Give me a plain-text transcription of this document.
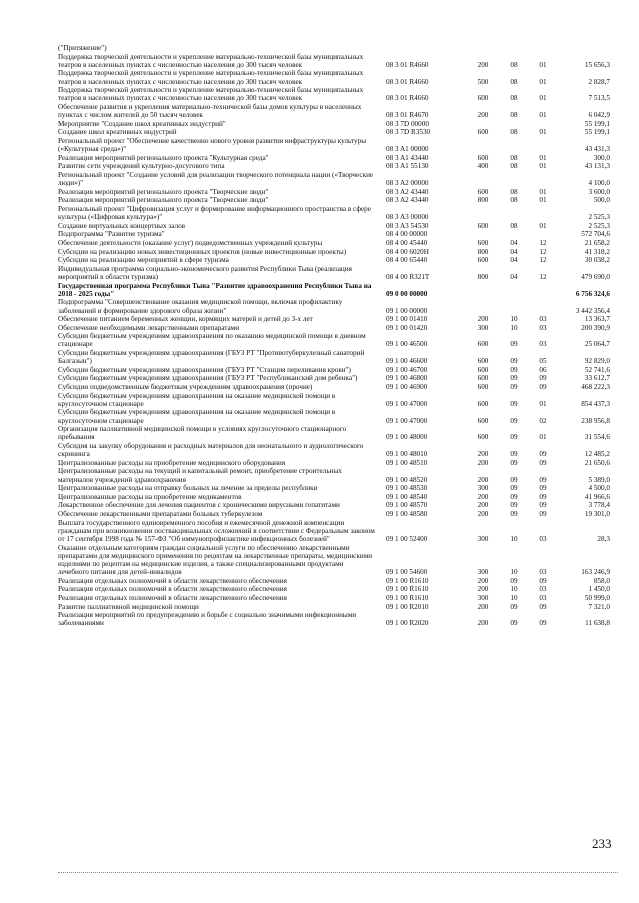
("Притяжение")
Поддержка творческой деятельности и укрепление материально-технической базы муниципальных театров в населенных пунктах с численностью населения до 300 тысяч человек	08 3 01 R4660	200	08	01	15 656,3
Поддержка творческой деятельности и укрепление материально-технической базы муниципальных театров в населенных пунктах с численностью населения до 300 тысяч человек	08 3 01 R4660	500	08	01	2 828,7
Поддержка творческой деятельности и укрепление материально-технической базы муниципальных театров в населенных пунктах с численностью населения до 300 тысяч человек	08 3 01 R4660	600	08	01	7 513,5
Обеспечение развития и укрепления материально-технической базы домов культуры в населенных пунктах с числом жителей до 50 тысяч человек	08 3 01 R4670	200	08	01	6 042,9
Мероприятие "Создание школ креативных индустрий"	08 3 7D 00000	55 199,1
Создание школ креативных индустрий	08 3 7D R3530	600	08	01	55 199,1
Региональный проект "Обеспечение качественно нового уровня развития инфраструктуры культуры («Культурная среда»)"	08 3 A1 00000	43 431,3
Реализация мероприятий регионального проекта "Культурная среда"	08 3 A1 43440	600	08	01	300,0
Развитие сети учреждений культурно-досугового типа	08 3 A1 55130	400	08	01	43 131,3
Региональный проект "Создание условий для реализации творческого потенциала нации («Творческие люди»)"	08 3 A2 00000	4 100,0
Реализация мероприятий регионального проекта "Творческие люди"	08 3 A2 43440	600	08	01	3 600,0
Реализация мероприятий регионального проекта "Творческие люди"	08 3 A2 43440	800	08	01	500,0
Региональный проект "Цифровизация услуг и формирование информационного пространства в сфере культуры («Цифровая культура»)"	08 3 A3 00000	2 525,3
Создание виртуальных концертных залов	08 3 A3 54530	600	08	01	2 525,3
Подпрограмма "Развитие туризма"	08 4 00 00000	572 704,6
Обеспечение деятельности (оказание услуг) подведомственных учреждений культуры	08 4 00 45440	600	04	12	21 658,2
Субсидии на реализацию новых инвестиционных проектов (новые инвестиционные проекты)	08 4 00 6020H	800	04	12	41 318,2
Субсидии на реализацию мероприятий в сфере туризма	08 4 00 65440	600	04	12	30 038,2
Индивидуальная программа социально-экономического развития Республики Тыва (реализация мероприятий в области туризма)	08 4 00 R321T	800	04	12	479 690,0
Государственная программа Республики Тыва "Развитие здравоохранения Республики Тыва на 2018 - 2025 годы"	09 0 00 00000	6 756 324,6
Подпрограмма "Совершенствование оказания медицинской помощи, включая профилактику заболеваний и формирование здорового образа жизни"	09 1 00 00000	3 442 356,4
Обеспечение питанием беременных женщин, кормящих матерей и детей до 3-х лет	09 1 00 01410	200	10	03	13 363,7
Обеспечение необходимыми лекарственными препаратами	09 1 00 01420	300	10	03	200 390,9
Субсидии бюджетным учреждениям здравоохранения по оказанию медицинской помощи в дневном стационаре	09 1 00 46500	600	09	03	25 064,7
Субсидии бюджетным учреждениям здравоохранения (ГБУЗ РТ "Противотуберкулезный санаторий Балгазын")	09 1 00 46600	600	09	05	92 829,0
Субсидии бюджетным учреждениям здравоохранения (ГБУЗ РТ "Станция переливания крови")	09 1 00 46700	600	09	06	52 741,6
Субсидии бюджетным учреждениям здравоохранения (ГБУЗ РТ "Республиканский дом ребенка")	09 1 00 46800	600	09	09	33 612,7
Субсидии подведомственным бюджетным учреждениям здравоохранения (прочие)	09 1 00 46900	600	09	09	468 222,3
Субсидии бюджетным учреждениям здравоохранения на оказание медицинской помощи в круглосуточном стационаре	09 1 00 47000	600	09	01	854 437,3
Субсидии бюджетным учреждениям здравоохранения на оказание медицинской помощи в круглосуточном стационаре	09 1 00 47000	600	09	02	238 956,8
Организация паллиативной медицинской помощи в условиях круглосуточного стационарного пребывания	09 1 00 48000	600	09	01	31 554,6
Субсидия на закупку оборудования и расходных материалов для неонатального и аудиологического скрининга	09 1 00 48010	200	09	09	12 485,2
Централизованные расходы на приобретение медицинского оборудования	09 1 00 48510	200	09	09	21 650,6
Централизованные расходы на текущий и капитальный ремонт, приобретение строительных материалов учреждений здравоохранения	09 1 00 48520	200	09	09	5 389,0
Централизованные расходы на отправку больных на лечение за пределы республики	09 1 00 48530	300	09	09	4 500,0
Централизованные расходы на приобретение медикаментов	09 1 00 48540	200	09	09	41 966,6
Лекарственное обеспечение для лечения пациентов с хроническими вирусными гепатитами	09 1 00 48570	200	09	09	3 778,4
Обеспечение лекарственными препаратами больных туберкулезом	09 1 00 48580	200	09	09	19 301,0
Выплата государственного единовременного пособия и ежемесячной денежной компенсации гражданам при возникновении поствакцинальных осложнений в соответствии с Федеральным законом от 17 сентября 1998 года № 157-ФЗ "Об иммунопрофилактике инфекционных болезней"	09 1 00 52400	300	10	03	28,3
Оказание отдельным категориям граждан социальной услуги по обеспечению лекарственными препаратами для медицинского применения по рецептам на лекарственные препараты, медицинскими изделиями по рецептам на медицинские изделия, а также специализированными продуктами лечебного питания для детей-инвалидов	09 1 00 54600	300	10	03	163 246,9
Реализация отдельных полномочий в области лекарственного обеспечения	09 1 00 R1610	200	09	09	858,0
Реализация отдельных полномочий в области лекарственного обеспечения	09 1 00 R1610	200	10	03	1 450,0
Реализация отдельных полномочий в области лекарственного обеспечения	09 1 00 R1610	300	10	03	50 999,0
Развитие паллиативной медицинской помощи	09 1 00 R2010	200	09	09	7 321,0
Реализация мероприятий по предупреждению и борьбе с социально значимыми инфекционными заболеваниями	09 1 00 R2020	200	09	09	11 638,8
233
